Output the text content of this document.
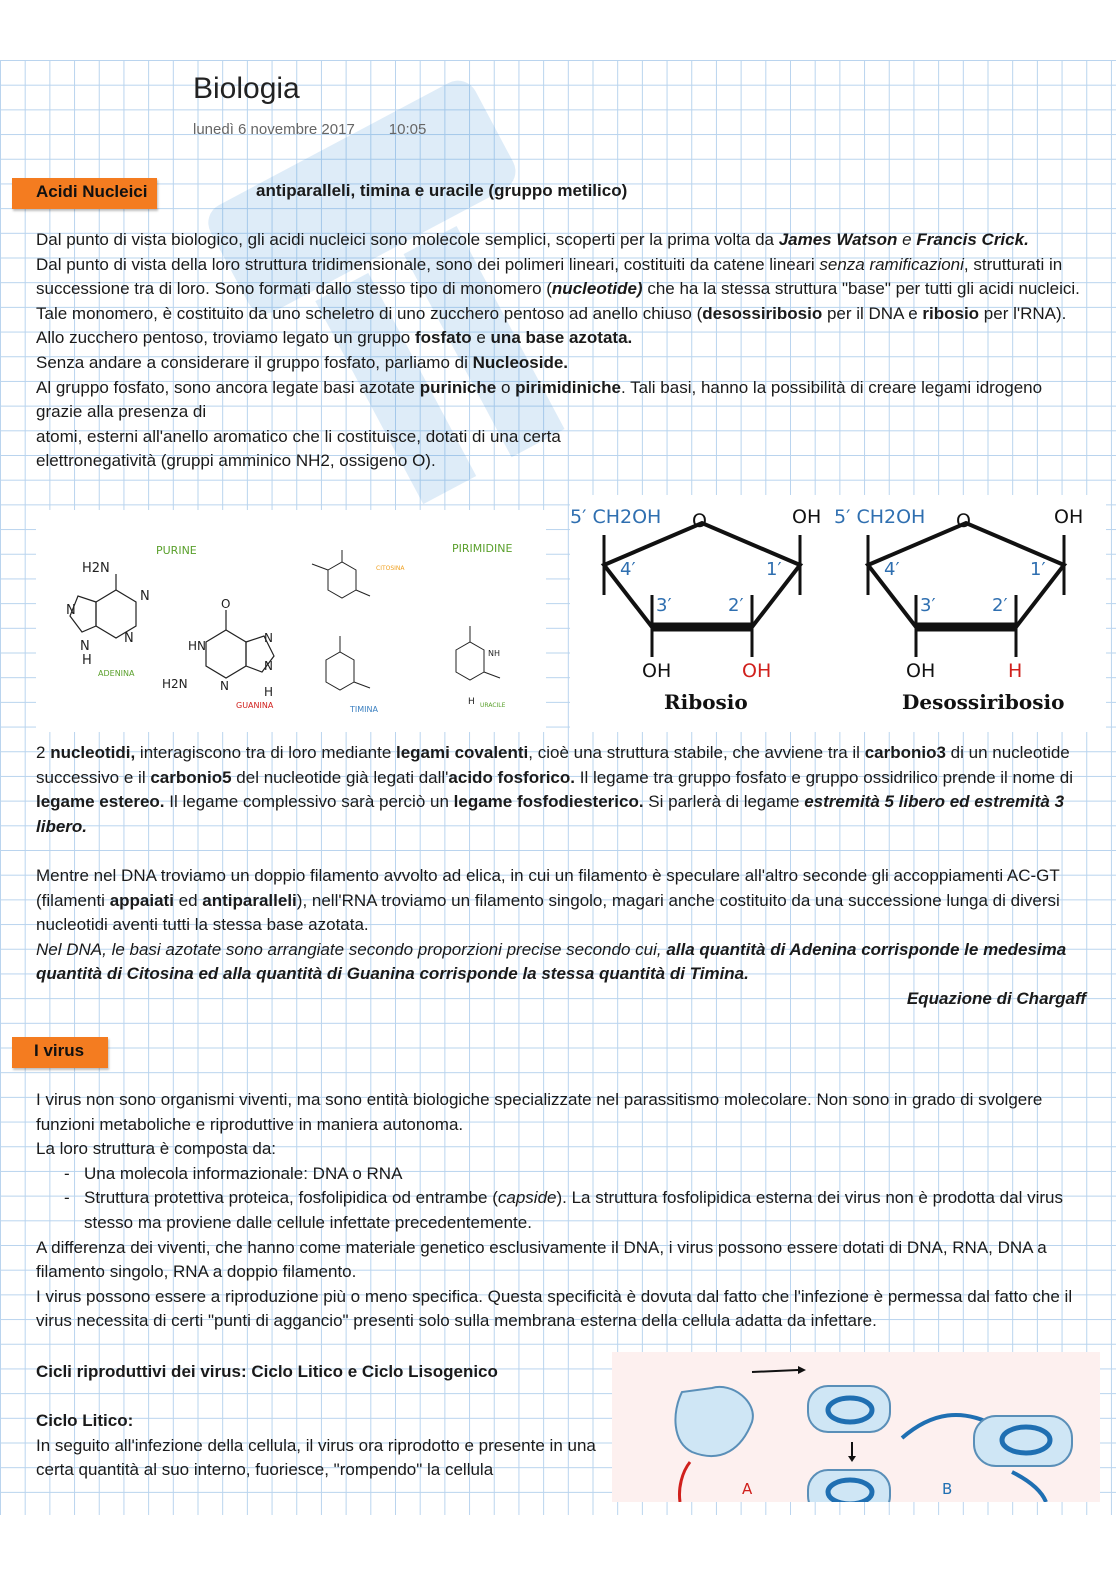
Biologia
lunedì 6 novembre 2017 10:05
Acidi Nucleici	antiparalleli, timina e uracile (gruppo metilico)

Dal punto di vista biologico, gli acidi nucleici sono molecole semplici, scoperti per la prima volta da James Watson e Francis Crick.

Dal punto di vista della loro struttura tridimensionale, sono dei polimeri lineari, costituiti da catene lineari senza ramificazioni, strutturati in successione tra di loro. Sono formati dallo stesso tipo di monomero (nucleotide) che ha la stessa struttura "base" per tutti gli acidi nucleici. Tale monomero, è costituito da uno scheletro di uno zucchero pentoso ad anello chiuso (desossiribosio per il DNA e ribosio per l'RNA). Allo zucchero pentoso, troviamo legato un gruppo fosfato e una base azotata.

Senza andare a considerare il gruppo fosfato, parliamo di Nucleoside.

Al gruppo fosfato, sono ancora legate basi azotate puriniche o pirimidiniche. Tali basi, hanno la possibilità di creare legami idrogeno grazie alla presenza di

atomi, esterni all'anello aromatico che li costituisce, dotati di una certa

elettronegatività (gruppi amminico NH2, ossigeno O).

PURINE	PIRIMIDINE
H2N
N
N
N
N
H
ADENINA
O
HN
N
H2N	N
N
H
GUANINA
CITOSINA
TIMINA
NH
H URACILE
5′ CH2OH O	OH
4′	1′
3′	2′
OH	OH
Ribosio
5′ CH2OH O	OH
4′	1′
3′	2′
OH	H
Desossiribosio

2 nucleotidi, interagiscono tra di loro mediante legami covalenti, cioè una struttura stabile, che avviene tra il carbonio3 di un nucleotide successivo e il carbonio5 del nucleotide già legati dall'acido fosforico. Il legame tra gruppo fosfato e gruppo ossidrilico prende il nome di legame estereo. Il legame complessivo sarà perciò un legame fosfodiesterico. Si parlerà di legame estremità 5 libero ed estremità 3 libero.

Mentre nel DNA troviamo un doppio filamento avvolto ad elica, in cui un filamento è speculare all'altro seconde gli accoppiamenti AC-GT (filamenti appaiati ed antiparalleli), nell'RNA troviamo un filamento singolo, magari anche costituito da una successione lunga di diversi nucleotidi aventi tutti la stessa base azotata.

Nel DNA, le basi azotate sono arrangiate secondo proporzioni precise secondo cui, alla quantità di Adenina corrisponde le medesima quantità di Citosina ed alla quantità di Guanina corrisponde la stessa quantità di Timina.

Equazione di Chargaff

I virus

I virus non sono organismi viventi, ma sono entità biologiche specializzate nel parassitismo molecolare. Non sono in grado di svolgere funzioni metaboliche e riproduttive in maniera autonoma.

La loro struttura è composta da:

- Una molecola informazionale: DNA o RNA
- Struttura protettiva proteica, fosfolipidica od entrambe (capside). La struttura fosfolipidica esterna dei virus non è prodotta dal virus stesso ma proviene dalle cellule infettate precedentemente.

A differenza dei viventi, che hanno come materiale genetico esclusivamente il DNA, i virus possono essere dotati di DNA, RNA, DNA a filamento singolo, RNA a doppio filamento.

I virus possono essere a riproduzione più o meno specifica. Questa specificità è dovuta dal fatto che l'infezione è permessa dal fatto che il virus necessita di certi "punti di aggancio" presenti solo sulla membrana esterna della cellula adatta da infettare.

Cicli riproduttivi dei virus: Ciclo Litico e Ciclo Lisogenico

Ciclo Litico:

In seguito all'infezione della cellula, il virus ora riprodotto e presente in una certa quantità al suo interno, fuoriesce, "rompendo" la cellula

A	B
